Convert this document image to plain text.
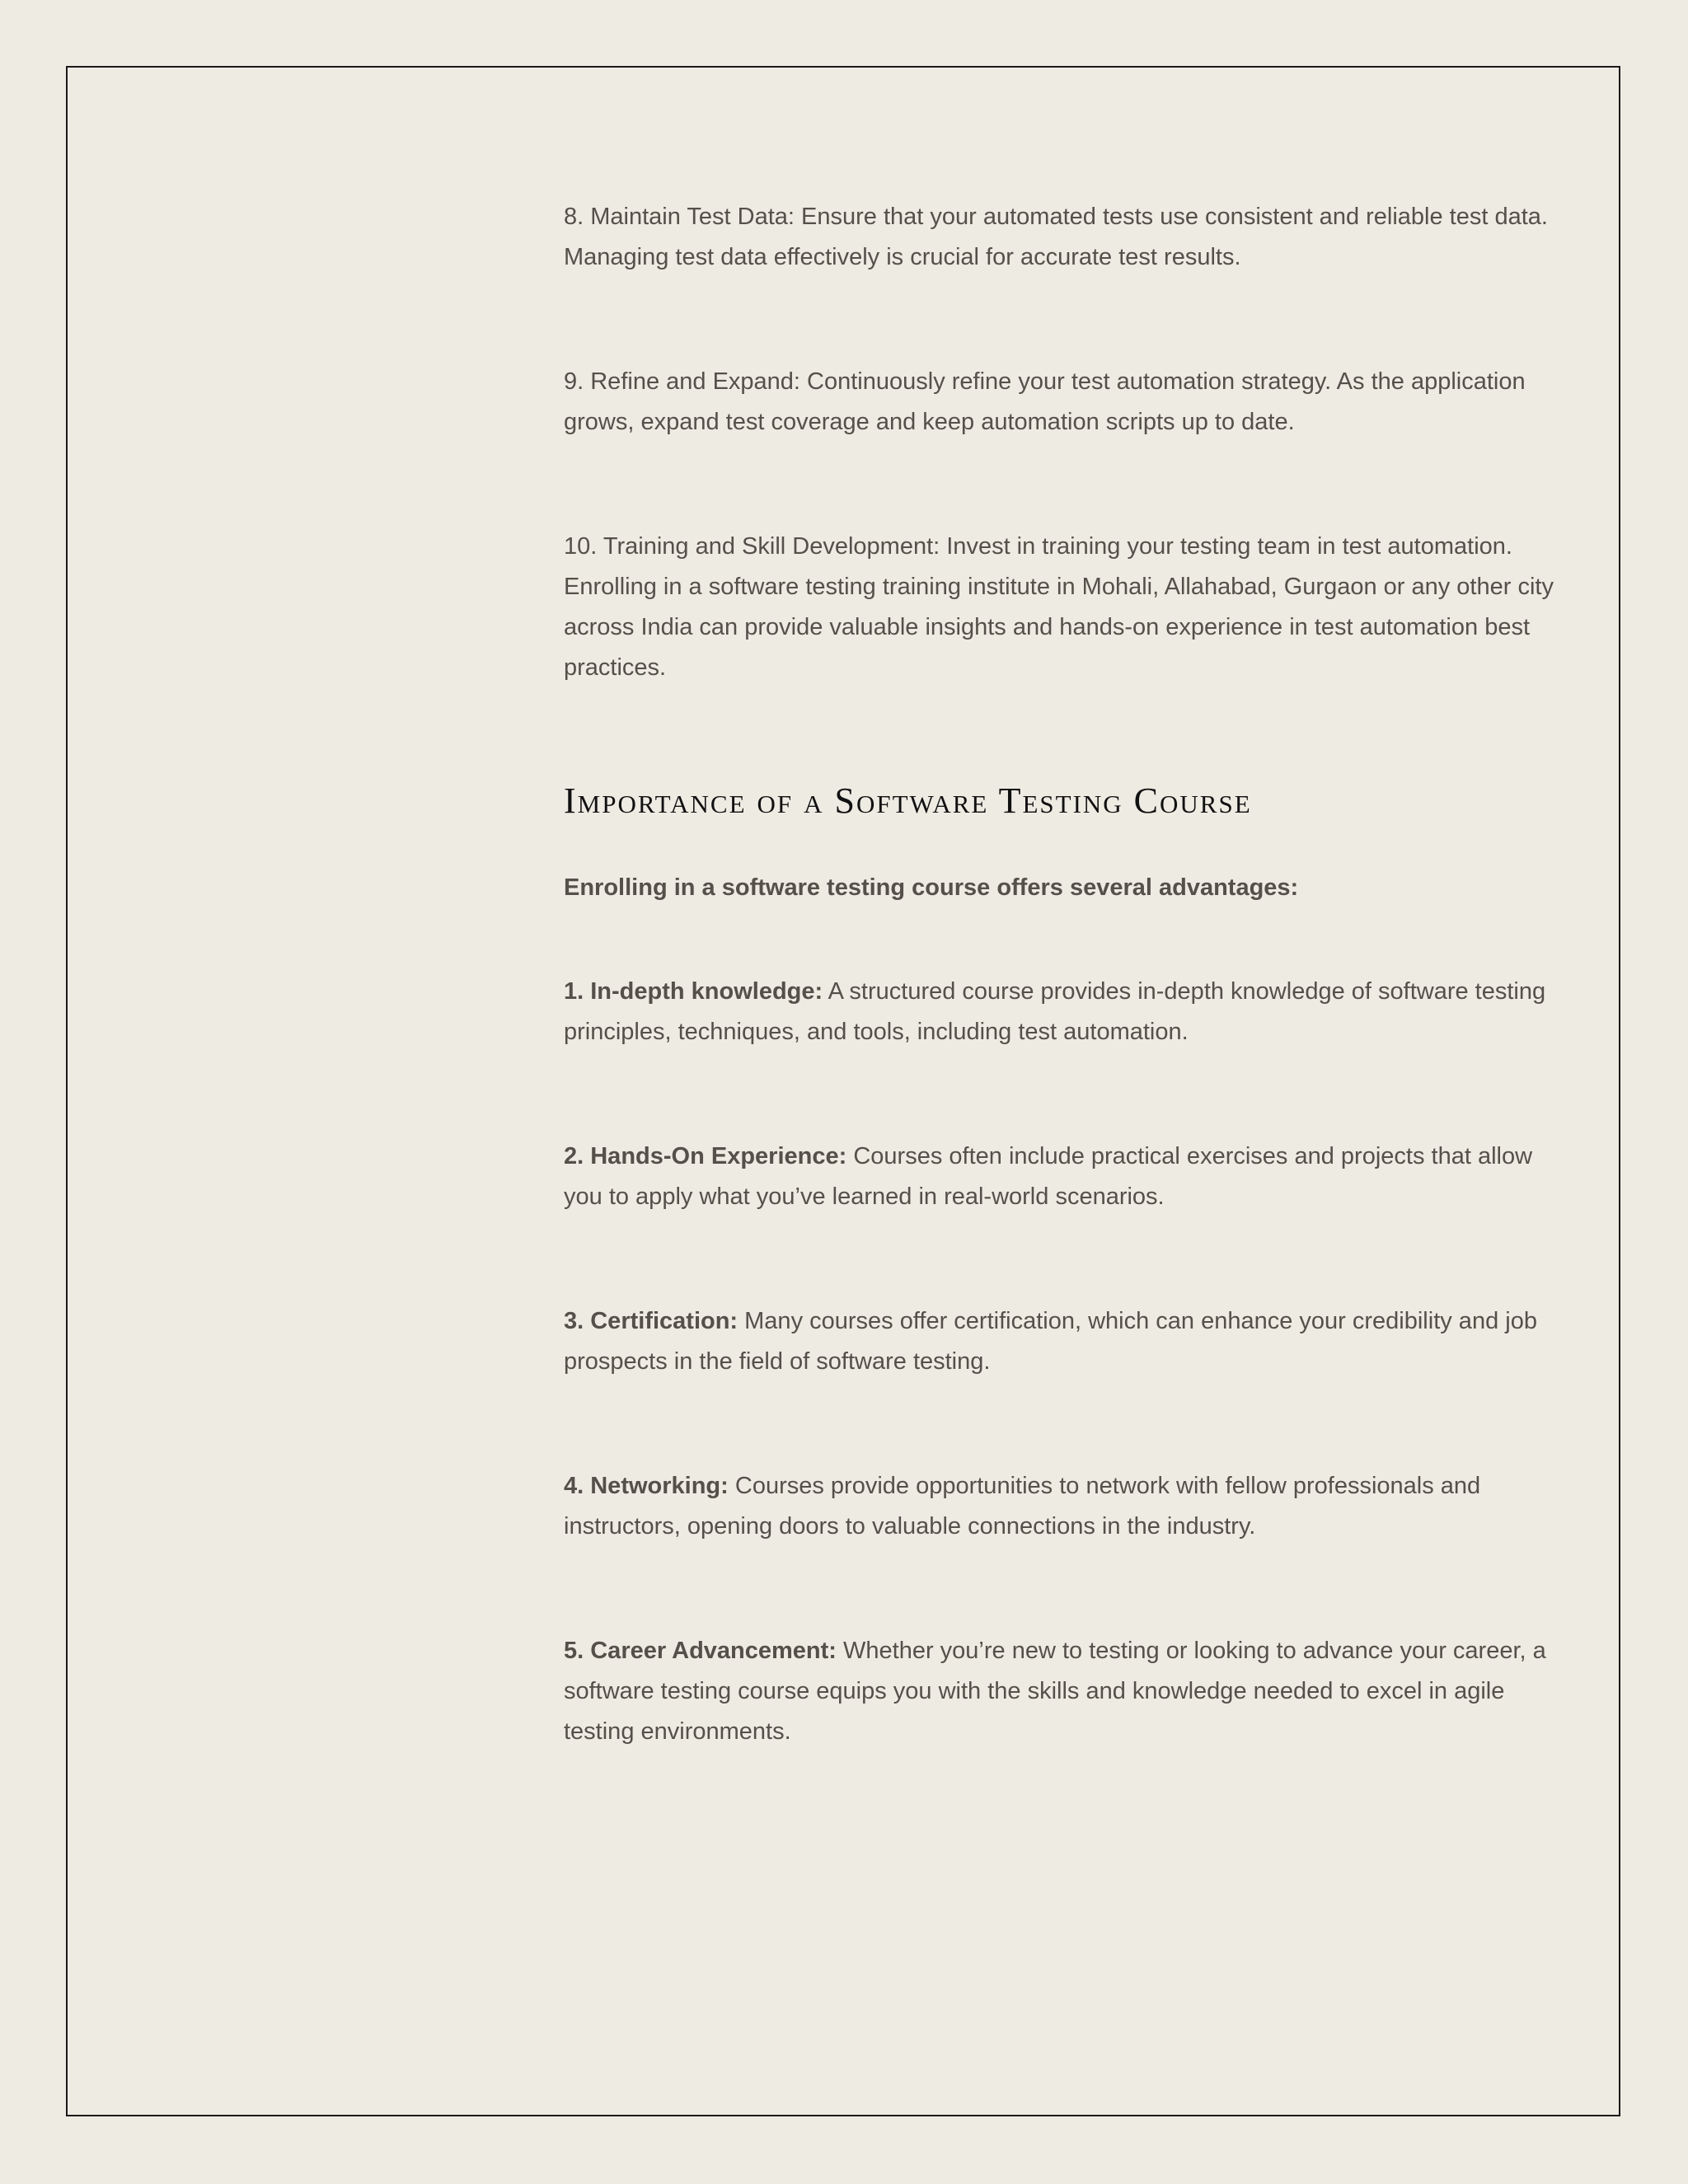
8. Maintain Test Data: Ensure that your automated tests use consistent and reliable test data. Managing test data effectively is crucial for accurate test results.

9. Refine and Expand: Continuously refine your test automation strategy. As the application grows, expand test coverage and keep automation scripts up to date.

10. Training and Skill Development: Invest in training your testing team in test automation. Enrolling in a software testing training institute in Mohali, Allahabad, Gurgaon or any other city across India can provide valuable insights and hands-on experience in test automation best practices.

Importance of a Software Testing Course

Enrolling in a software testing course offers several advantages:

1. In-depth knowledge: A structured course provides in-depth knowledge of software testing principles, techniques, and tools, including test automation.

2. Hands-On Experience: Courses often include practical exercises and projects that allow you to apply what you’ve learned in real-world scenarios.

3. Certification: Many courses offer certification, which can enhance your credibility and job prospects in the field of software testing.

4. Networking: Courses provide opportunities to network with fellow professionals and instructors, opening doors to valuable connections in the industry.

5. Career Advancement: Whether you’re new to testing or looking to advance your career, a software testing course equips you with the skills and knowledge needed to excel in agile testing environments.
